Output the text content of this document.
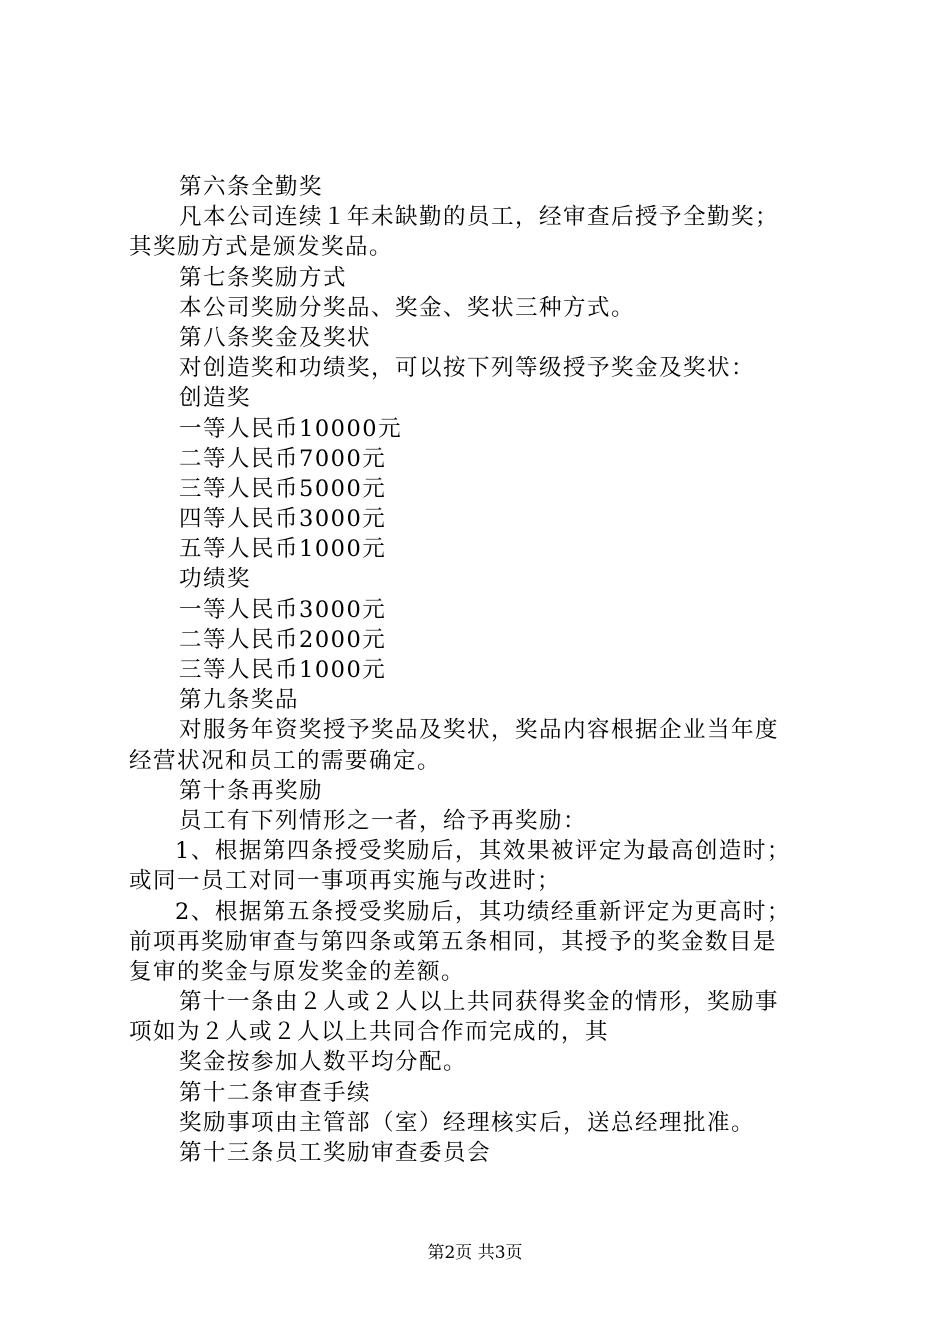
第六条全勤奖
凡本公司连续１年未缺勤的员工，经审查后授予全勤奖；
其奖励方式是颁发奖品。
第七条奖励方式
本公司奖励分奖品、奖金、奖状三种方式。
第八条奖金及奖状
对创造奖和功绩奖，可以按下列等级授予奖金及奖状：
创造奖
一等人民币10000元
二等人民币7000元
三等人民币5000元
四等人民币3000元
五等人民币1000元
功绩奖
一等人民币3000元
二等人民币2000元
三等人民币1000元
第九条奖品
对服务年资奖授予奖品及奖状，奖品内容根据企业当年度
经营状况和员工的需要确定。
第十条再奖励
员工有下列情形之一者，给予再奖励：
1、根据第四条授受奖励后，其效果被评定为最高创造时；
或同一员工对同一事项再实施与改进时；
2、根据第五条授受奖励后，其功绩经重新评定为更高时；
前项再奖励审查与第四条或第五条相同，其授予的奖金数目是
复审的奖金与原发奖金的差额。
第十一条由２人或２人以上共同获得奖金的情形，奖励事
项如为２人或２人以上共同合作而完成的，其
奖金按参加人数平均分配。
第十二条审查手续
奖励事项由主管部（室）经理核实后，送总经理批准。
第十三条员工奖励审查委员会
第2页 共3页
